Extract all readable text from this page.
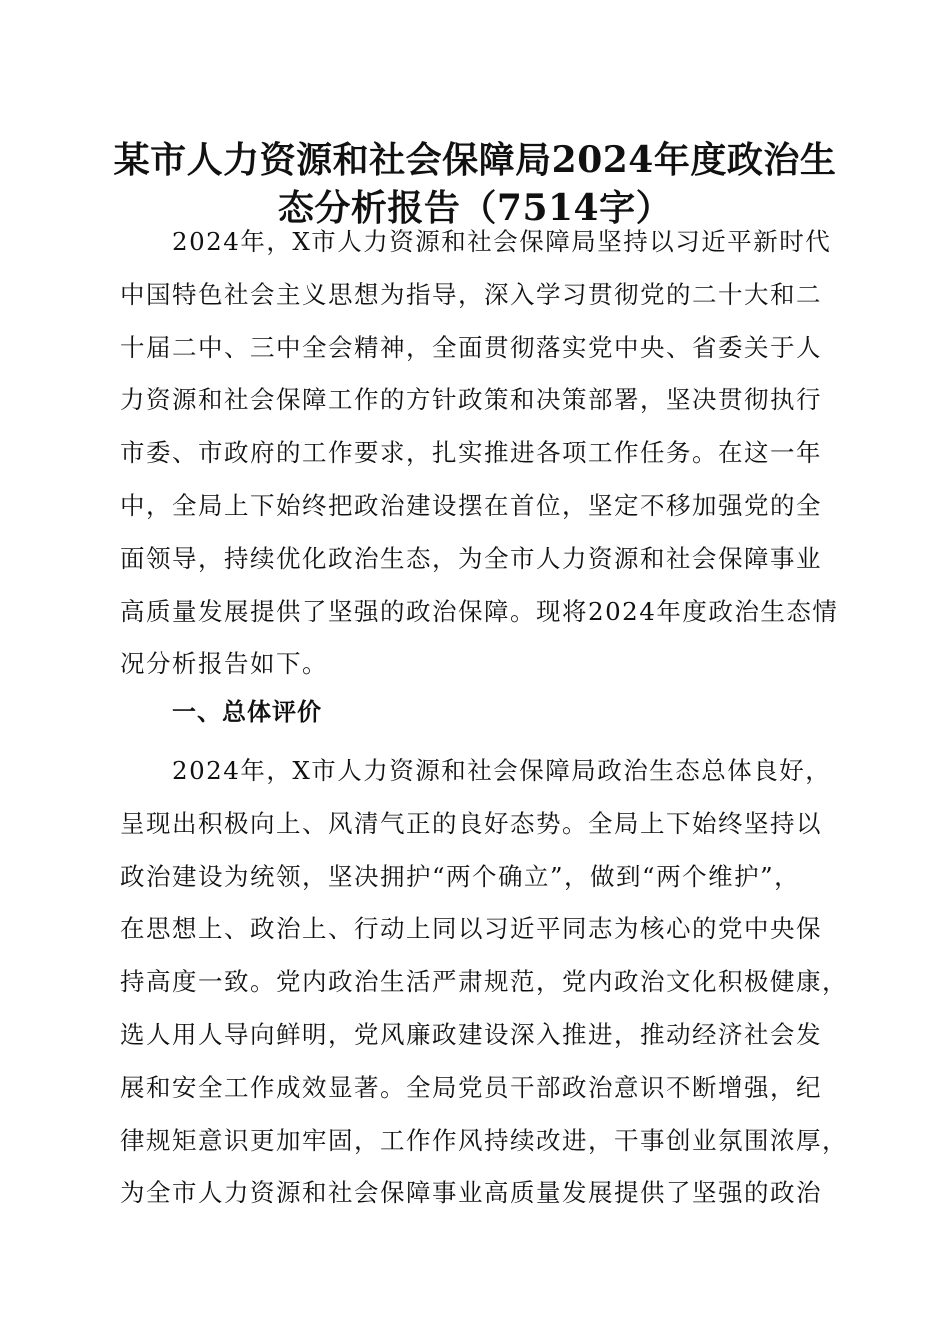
某市人力资源和社会保障局2024年度政治生
态分析报告（7514字）
2024年，X市人力资源和社会保障局坚持以习近平新时代
中国特色社会主义思想为指导，深入学习贯彻党的二十大和二
十届二中、三中全会精神，全面贯彻落实党中央、省委关于人
力资源和社会保障工作的方针政策和决策部署，坚决贯彻执行
市委、市政府的工作要求，扎实推进各项工作任务。在这一年
中，全局上下始终把政治建设摆在首位，坚定不移加强党的全
面领导，持续优化政治生态，为全市人力资源和社会保障事业
高质量发展提供了坚强的政治保障。现将2024年度政治生态情
况分析报告如下。
一、总体评价
2024年，X市人力资源和社会保障局政治生态总体良好，
呈现出积极向上、风清气正的良好态势。全局上下始终坚持以
政治建设为统领，坚决拥护“两个确立”，做到“两个维护”，
在思想上、政治上、行动上同以习近平同志为核心的党中央保
持高度一致。党内政治生活严肃规范，党内政治文化积极健康，
选人用人导向鲜明，党风廉政建设深入推进，推动经济社会发
展和安全工作成效显著。全局党员干部政治意识不断增强，纪
律规矩意识更加牢固，工作作风持续改进，干事创业氛围浓厚，
为全市人力资源和社会保障事业高质量发展提供了坚强的政治
